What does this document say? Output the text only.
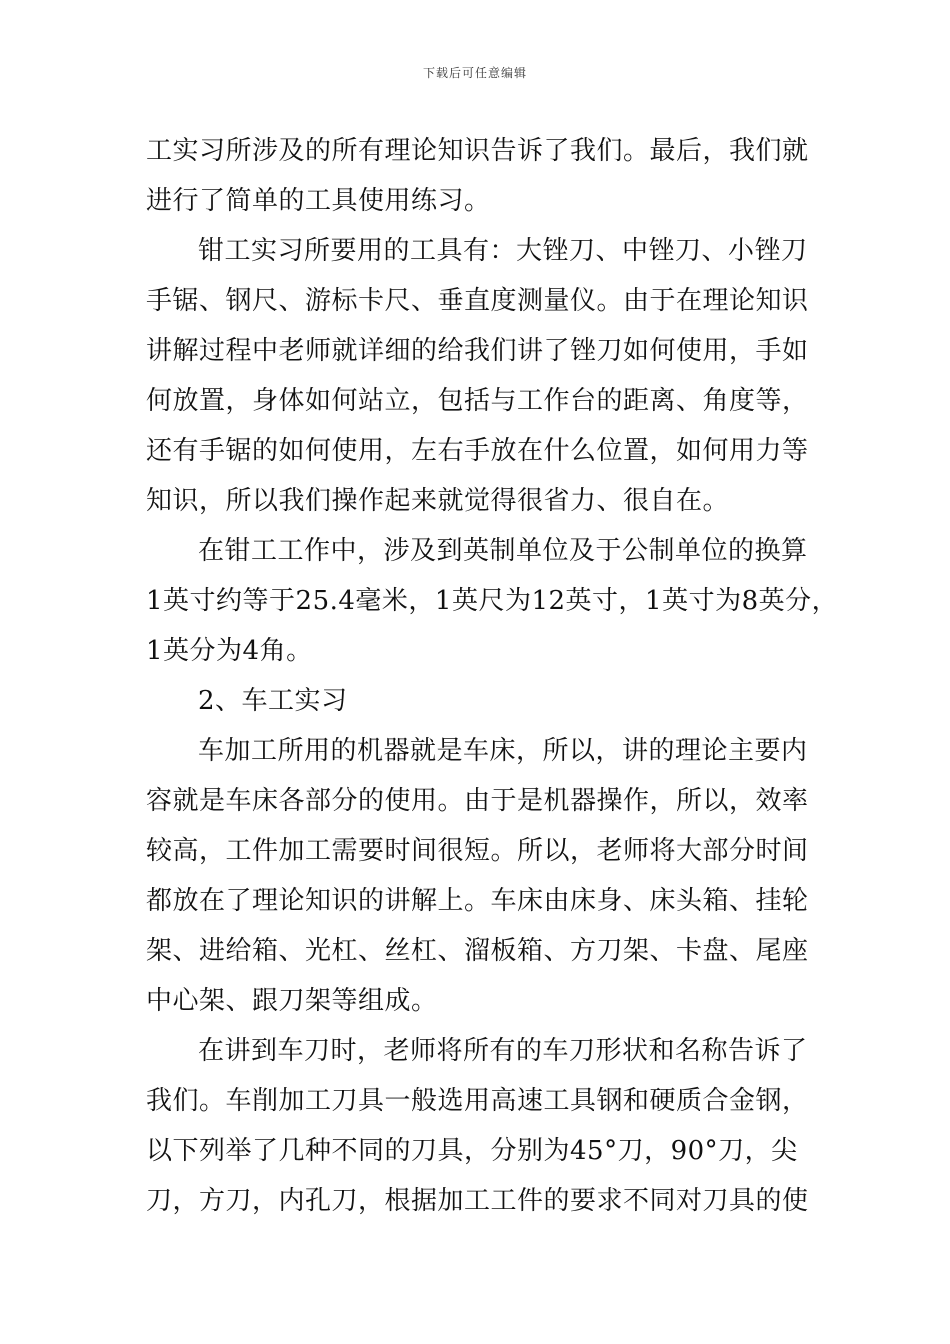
下载后可任意编辑
工实习所涉及的所有理论知识告诉了我们。最后，我们就
进行了简单的工具使用练习。
钳工实习所要用的工具有：大锉刀、中锉刀、小锉刀
手锯、钢尺、游标卡尺、垂直度测量仪。由于在理论知识
讲解过程中老师就详细的给我们讲了锉刀如何使用，手如
何放置，身体如何站立，包括与工作台的距离、角度等，
还有手锯的如何使用，左右手放在什么位置，如何用力等
知识，所以我们操作起来就觉得很省力、很自在。
在钳工工作中，涉及到英制单位及于公制单位的换算
1英寸约等于25.4毫米，1英尺为12英寸，1英寸为8英分，
1英分为4角。
2、车工实习
车加工所用的机器就是车床，所以，讲的理论主要内
容就是车床各部分的使用。由于是机器操作，所以，效率
较高，工件加工需要时间很短。所以，老师将大部分时间
都放在了理论知识的讲解上。车床由床身、床头箱、挂轮
架、进给箱、光杠、丝杠、溜板箱、方刀架、卡盘、尾座
中心架、跟刀架等组成。
在讲到车刀时，老师将所有的车刀形状和名称告诉了
我们。车削加工刀具一般选用高速工具钢和硬质合金钢，
以下列举了几种不同的刀具，分别为45°刀，90°刀，尖
刀，方刀，内孔刀，根据加工工件的要求不同对刀具的使
